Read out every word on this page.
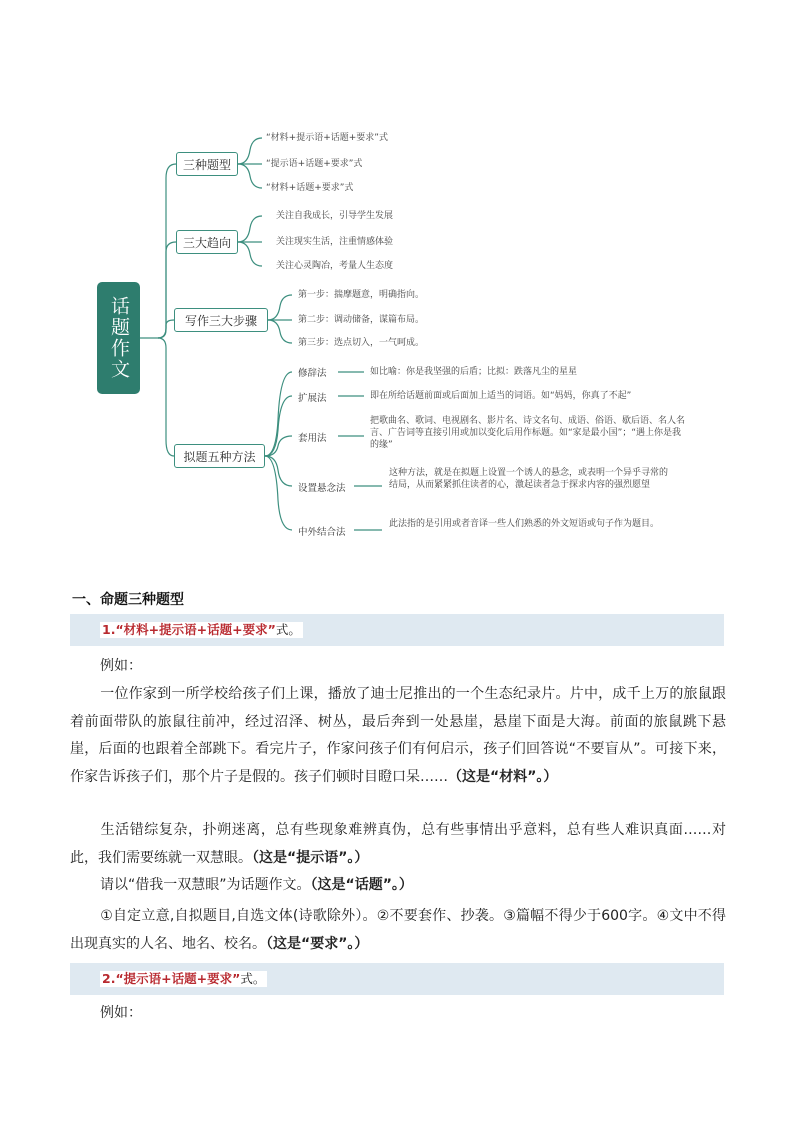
话题作文
三种题型
三大趋向
写作三大步骤
拟题五种方法
“材料+提示语+话题+要求”式
“提示语+话题+要求”式
“材料+话题+要求”式
关注自我成长，引导学生发展
关注现实生活，注重情感体验
关注心灵陶冶，考量人生态度
第一步：揣摩题意，明确指向。
第二步：调动储备，谋篇布局。
第三步：选点切入，一气呵成。
修辞法	如比喻：你是我坚强的后盾；比拟：跌落凡尘的星星
扩展法	即在所给话题前面或后面加上适当的词语。如“妈妈，你真了不起”
套用法
把歌曲名、歌词、电视剧名、影片名、诗文名句、成语、俗语、歇后语、名人名言、广告词等直接引用或加以变化后用作标题。如“家是最小国”；“遇上你是我的缘”
设置悬念法
这种方法，就是在拟题上设置一个诱人的悬念，或表明一个异乎寻常的结局，从而紧紧抓住读者的心，激起读者急于探求内容的强烈愿望
中外结合法
此法指的是引用或者音译一些人们熟悉的外文短语或句子作为题目。
一、命题三种题型
1.“材料+提示语+话题+要求”式。
例如：
一位作家到一所学校给孩子们上课，播放了迪士尼推出的一个生态纪录片。片中，成千上万的旅鼠跟着前面带队的旅鼠往前冲，经过沼泽、树丛，最后奔到一处悬崖，悬崖下面是大海。前面的旅鼠跳下悬崖，后面的也跟着全部跳下。看完片子，作家问孩子们有何启示，孩子们回答说“不要盲从”。可接下来，作家告诉孩子们，那个片子是假的。孩子们顿时目瞪口呆……（这是“材料”。）
生活错综复杂，扑朔迷离，总有些现象难辨真伪，总有些事情出乎意料，总有些人难识真面……对此，我们需要练就一双慧眼。（这是“提示语”。）
请以“借我一双慧眼”为话题作文。（这是“话题”。）
①自定立意,自拟题目,自选文体(诗歌除外）。②不要套作、抄袭。③篇幅不得少于600字。④文中不得出现真实的人名、地名、校名。（这是“要求”。）
2.“提示语+话题+要求”式。
例如：
